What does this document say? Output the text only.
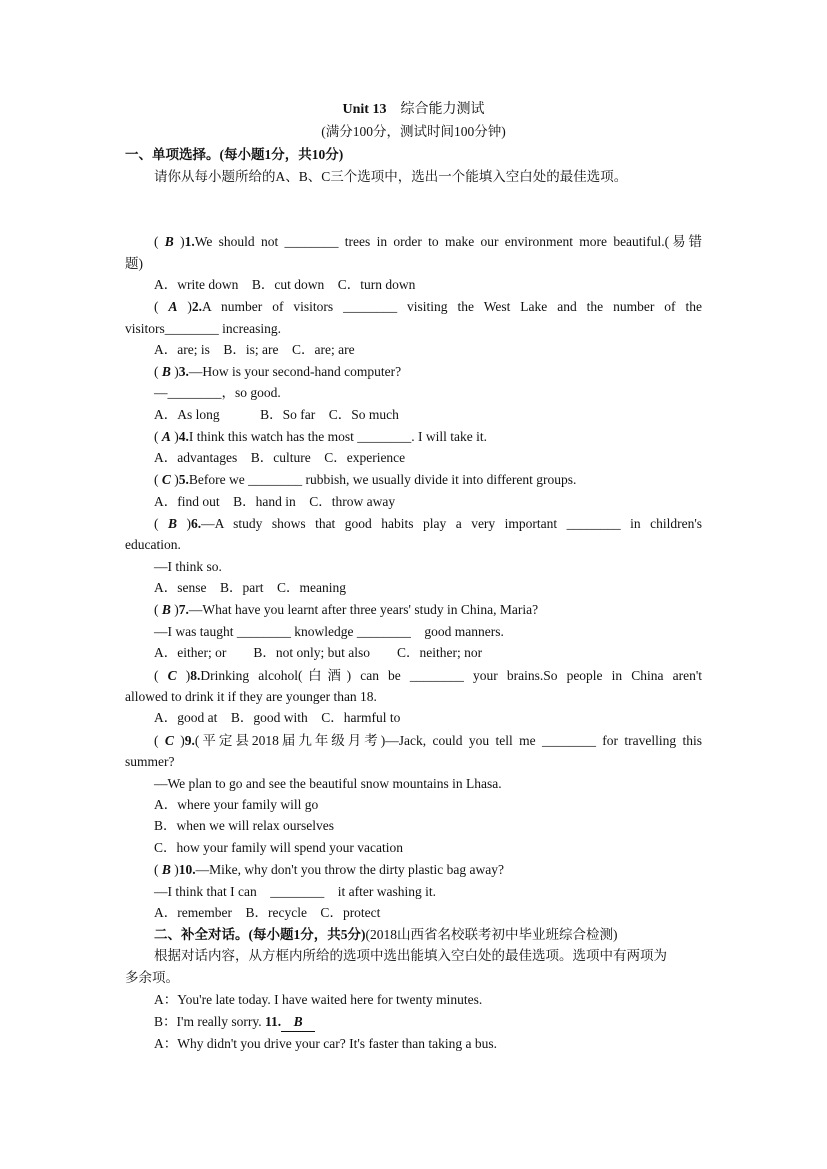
Unit 13　 综合能力测试
(满分100分，测试时间100分钟)
一、单项选择。(每小题1分，共10分)
请你从每小题所给的A、B、C三个选项中，选出一个能填入空白处的最佳选项。
( B )1.We should not ________ trees in order to make our environment more beautiful.(易错
题)
A．write down　B．cut down　C．turn down
( A )2.A number of visitors ________ visiting the West Lake and the number of the
visitors________ increasing.
A．are; is　B．is; are　C．are; are
( B )3.—How is your second-hand computer?
—________，so good.
A．As long　　　B．So far　C．So much
( A )4.I think this watch has the most ________. I will take it.
A．advantages　B．culture　C．experience
( C )5.Before we ________ rubbish, we usually divide it into different groups.
A．find out　B．hand in　C．throw away
( B )6.—A study shows that good habits play a very important ________ in children's
education.
—I think so.
A．sense　B．part　C．meaning
( B )7.—What have you learnt after three years' study in China, Maria?
—I was taught ________ knowledge ________　good manners.
A．either; or　　B．not only; but also　　C．neither; nor
( C )8.Drinking alcohol(白酒) can be ________ your brains.So people in China aren't
allowed to drink it if they are younger than 18.
A．good at　B．good with　C．harmful to
( C )9.(平定县2018届九年级月考)—Jack, could you tell me ________ for travelling this
summer?
—We plan to go and see the beautiful snow mountains in Lhasa.
A．where your family will go
B．when we will relax ourselves
C．how your family will spend your vacation
( B )10.—Mike, why don't you throw the dirty plastic bag away?
—I think that I can　________　it after washing it.
A．remember　B．recycle　C．protect
二、补全对话。(每小题1分，共5分)(2018山西省名校联考初中毕业班综合检测)
根据对话内容，从方框内所给的选项中选出能填入空白处的最佳选项。选项中有两项为
多余项。
A：You're late today. I have waited here for twenty minutes.
B：I'm really sorry. 11. B
A：Why didn't you drive your car? It's faster than taking a bus.
